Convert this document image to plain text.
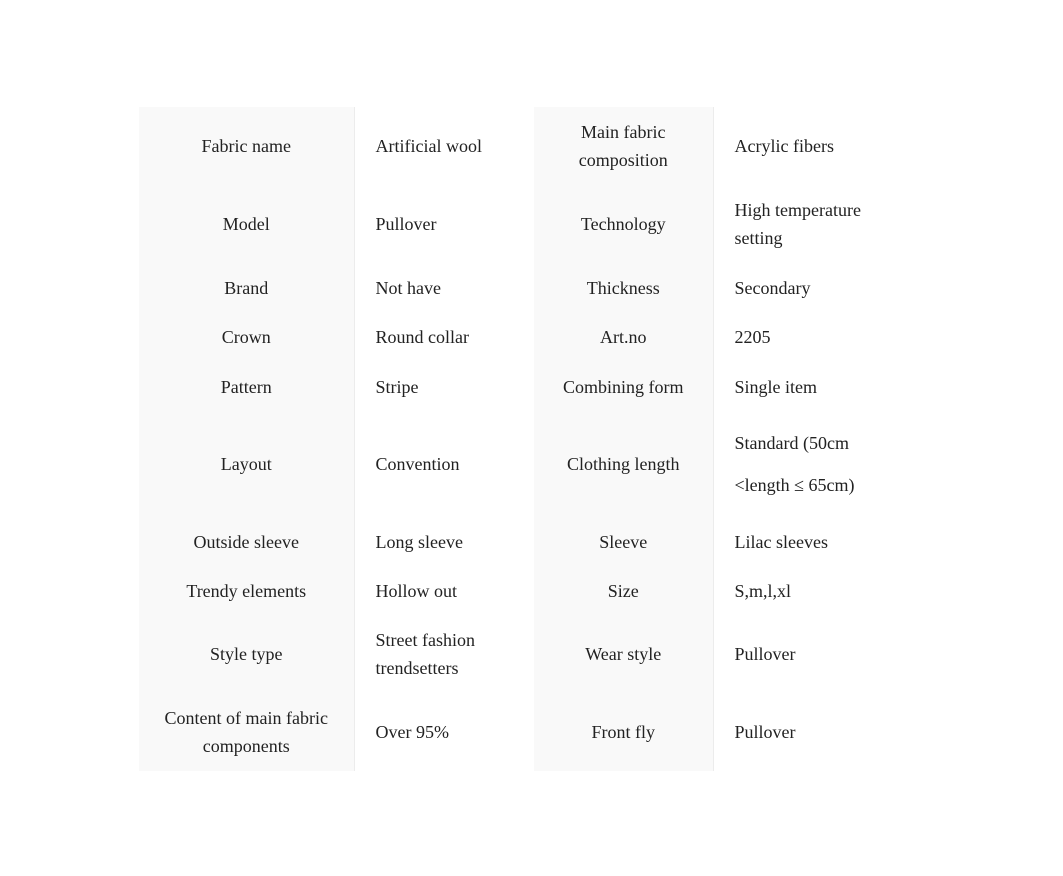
Fabric name	Artificial wool	Main fabric composition	Acrylic fibers
Model	Pullover	Technology	High temperature setting
Brand	Not have	Thickness	Secondary
Crown	Round collar	Art.no	2205
Pattern	Stripe	Combining form	Single item
Layout	Convention	Clothing length	Standard (50cm <length ≤ 65cm)
Outside sleeve	Long sleeve	Sleeve	Lilac sleeves
Trendy elements	Hollow out	Size	S,m,l,xl
Style type	Street fashion trendsetters	Wear style	Pullover
Content of main fabric components	Over 95%	Front fly	Pullover
